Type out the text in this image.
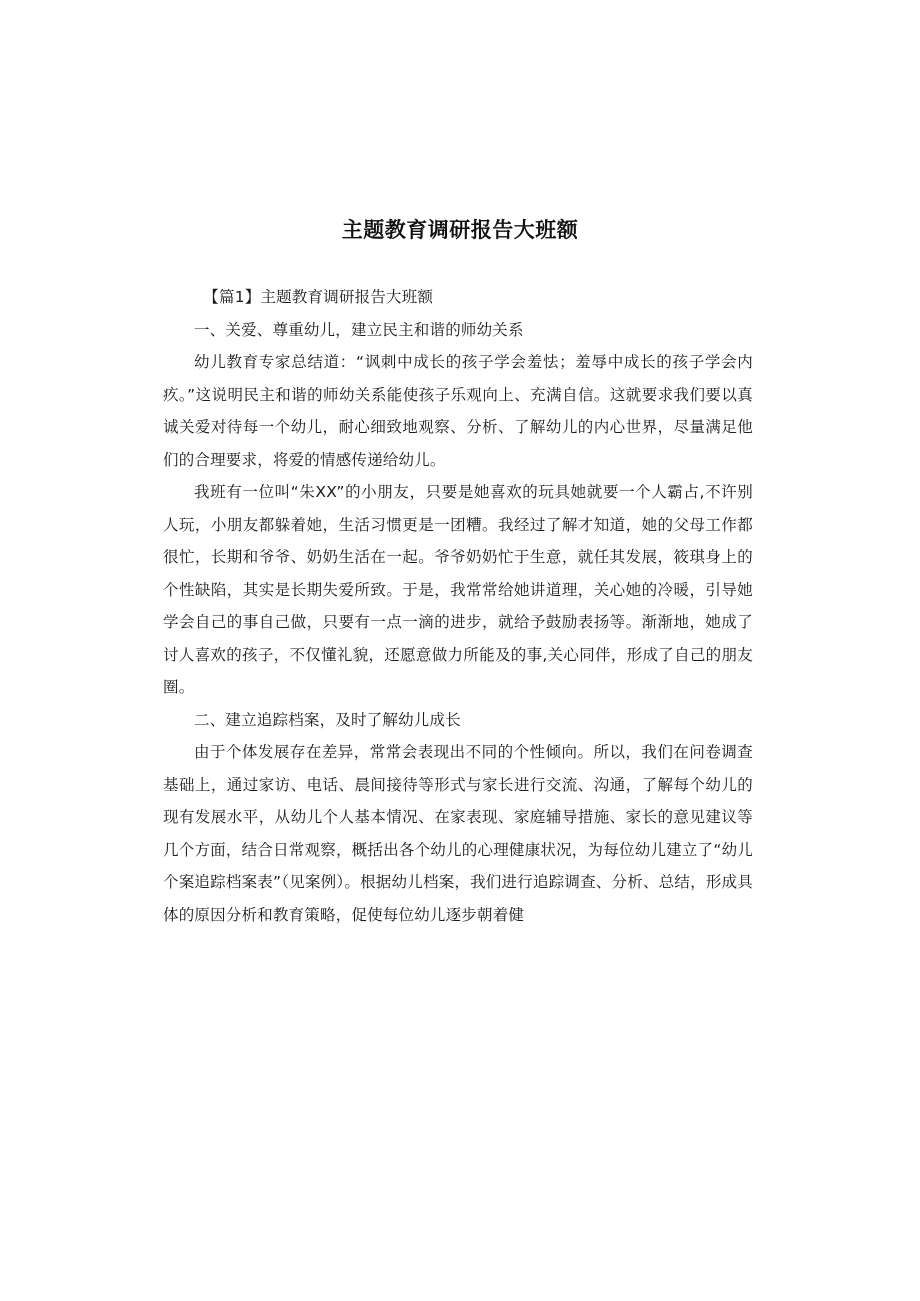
主题教育调研报告大班额

【篇1】主题教育调研报告大班额

一、关爱、尊重幼儿，建立民主和谐的师幼关系

幼儿教育专家总结道：“讽刺中成长的孩子学会羞怯；羞辱中成长的孩子学会内疚。”这说明民主和谐的师幼关系能使孩子乐观向上、充满自信。这就要求我们要以真诚关爱对待每一个幼儿，耐心细致地观察、分析、了解幼儿的内心世界，尽量满足他们的合理要求，将爱的情感传递给幼儿。

我班有一位叫“朱XX”的小朋友，只要是她喜欢的玩具她就要一个人霸占,不许别人玩，小朋友都躲着她，生活习惯更是一团糟。我经过了解才知道，她的父母工作都很忙，长期和爷爷、奶奶生活在一起。爷爷奶奶忙于生意，就任其发展，筱琪身上的个性缺陷，其实是长期失爱所致。于是，我常常给她讲道理，关心她的冷暖，引导她学会自己的事自己做，只要有一点一滴的进步，就给予鼓励表扬等。渐渐地，她成了讨人喜欢的孩子，不仅懂礼貌，还愿意做力所能及的事,关心同伴，形成了自己的朋友圈。

二、建立追踪档案，及时了解幼儿成长

由于个体发展存在差异，常常会表现出不同的个性倾向。所以，我们在问卷调查基础上，通过家访、电话、晨间接待等形式与家长进行交流、沟通，了解每个幼儿的现有发展水平，从幼儿个人基本情况、在家表现、家庭辅导措施、家长的意见建议等几个方面，结合日常观察，概括出各个幼儿的心理健康状况，为每位幼儿建立了“幼儿个案追踪档案表”（见案例）。根据幼儿档案，我们进行追踪调查、分析、总结，形成具体的原因分析和教育策略，促使每位幼儿逐步朝着健
